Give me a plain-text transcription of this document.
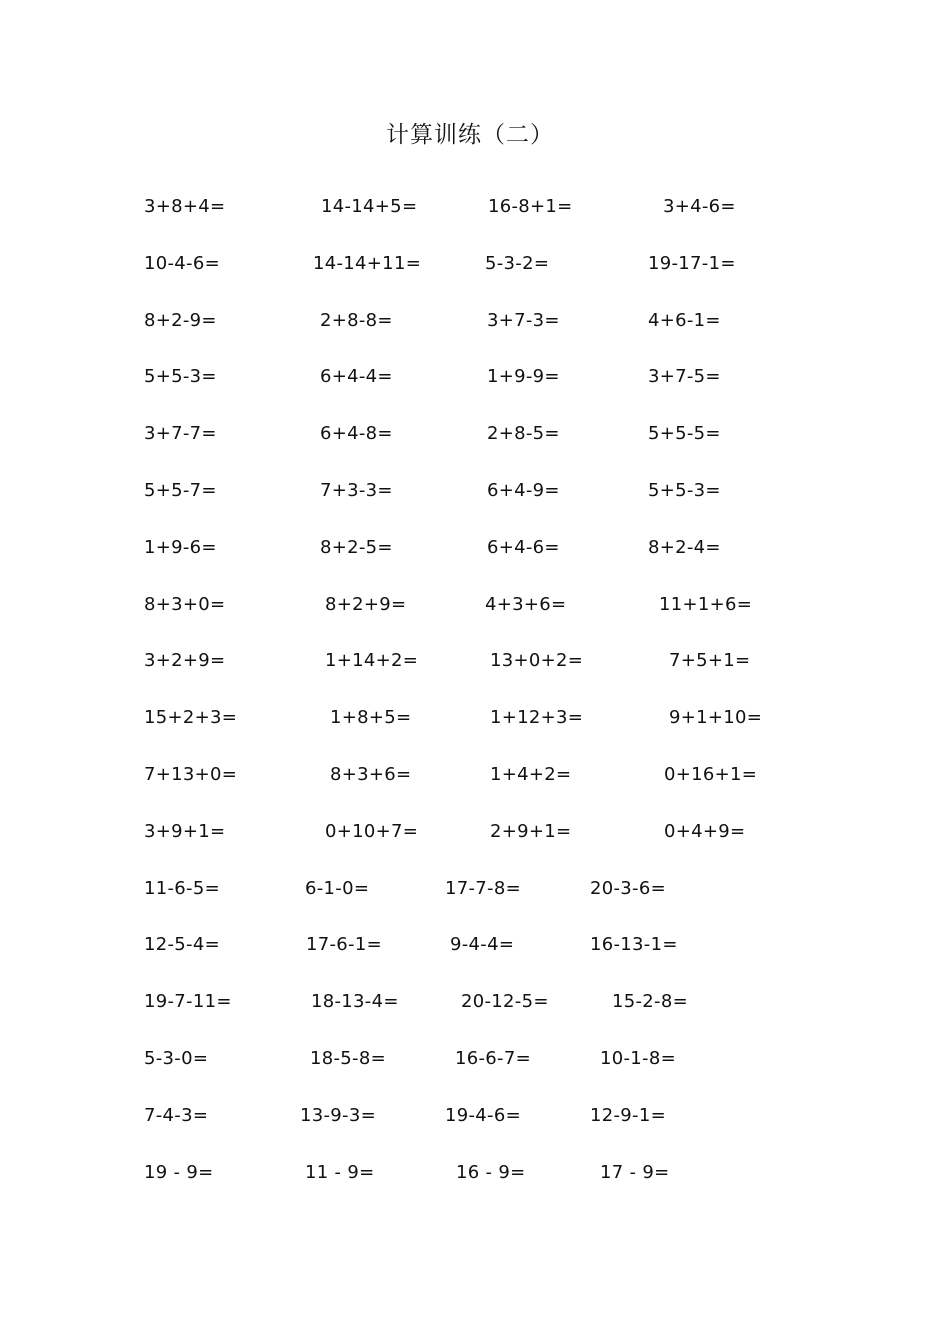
计算训练（二）
3+8+4=	14-14+5=	16-8+1=	3+4-6=
10-4-6=	14-14+11=	5-3-2=	19-17-1=
8+2-9=	2+8-8=	3+7-3=	4+6-1=
5+5-3=	6+4-4=	1+9-9=	3+7-5=
3+7-7=	6+4-8=	2+8-5=	5+5-5=
5+5-7=	7+3-3=	6+4-9=	5+5-3=
1+9-6=	8+2-5=	6+4-6=	8+2-4=
8+3+0=	8+2+9=	4+3+6=	11+1+6=
3+2+9=	1+14+2=	13+0+2=	7+5+1=
15+2+3=	1+8+5=	1+12+3=	9+1+10=
7+13+0=	8+3+6=	1+4+2=	0+16+1=
3+9+1=	0+10+7=	2+9+1=	0+4+9=
11-6-5=	6-1-0=	17-7-8=	20-3-6=
12-5-4=	17-6-1=	9-4-4=	16-13-1=
19-7-11=	18-13-4=	20-12-5=	15-2-8=
5-3-0=	18-5-8=	16-6-7=	10-1-8=
7-4-3=	13-9-3=	19-4-6=	12-9-1=
19 - 9=	11 - 9=	16 - 9=	17 - 9=
